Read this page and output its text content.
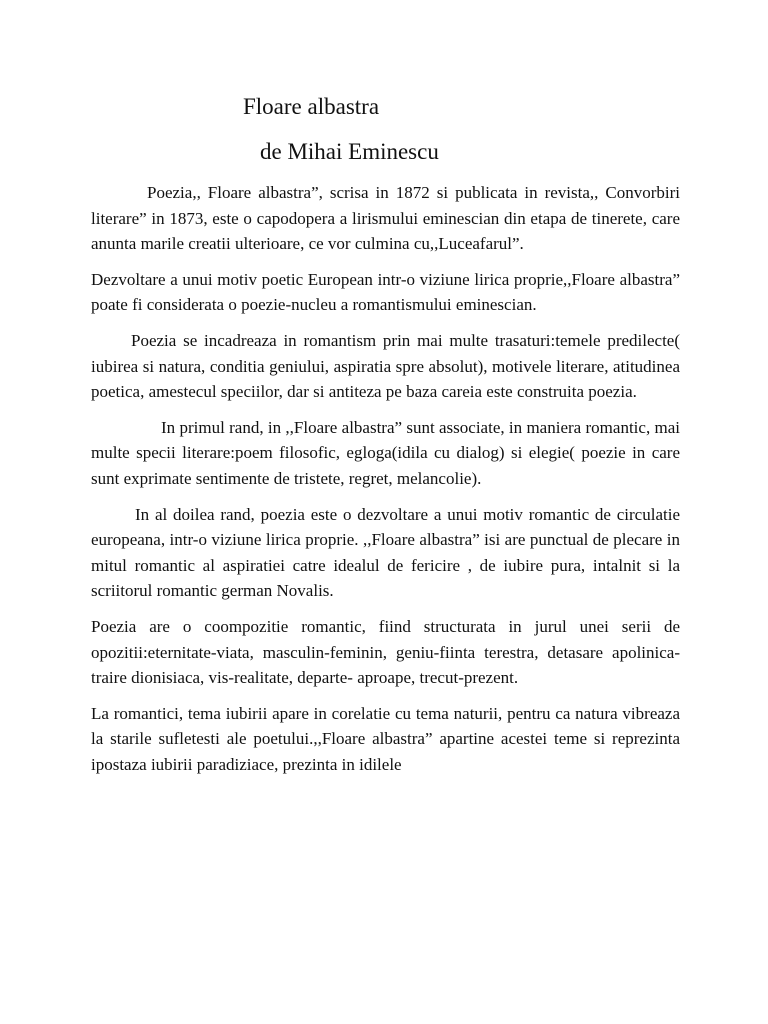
Floare albastra
de Mihai Eminescu

Poezia,, Floare albastra”, scrisa in 1872 si publicata in revista,, Convorbiri literare” in 1873, este o capodopera a lirismului eminescian din etapa de tinerete, care anunta marile creatii ulterioare, ce vor culmina cu,,Luceafarul”.

Dezvoltare a unui motiv poetic European intr-o viziune lirica proprie,,Floare albastra” poate fi considerata o poezie-nucleu a romantismului eminescian.

Poezia se incadreaza in romantism prin mai multe trasaturi:temele predilecte( iubirea si natura, conditia geniului, aspiratia spre absolut), motivele literare, atitudinea poetica, amestecul speciilor, dar si antiteza pe baza careia este construita poezia.

In primul rand, in ,,Floare albastra” sunt associate, in maniera romantic, mai multe specii literare:poem filosofic, egloga(idila cu dialog) si elegie( poezie in care sunt exprimate sentimente de tristete, regret, melancolie).

In al doilea rand, poezia este o dezvoltare a unui motiv romantic de circulatie europeana, intr-o viziune lirica proprie. ,,Floare albastra” isi are punctual de plecare in mitul romantic al aspiratiei catre idealul de fericire , de iubire pura, intalnit si la scriitorul romantic german Novalis.

Poezia are o coompozitie romantic, fiind structurata in jurul unei serii de opozitii:eternitate-viata, masculin-feminin, geniu-fiinta terestra, detasare apolinica- traire dionisiaca, vis-realitate, departe- aproape, trecut-prezent.

La romantici, tema iubirii apare in corelatie cu tema naturii, pentru ca natura vibreaza la starile sufletesti ale poetului.,,Floare albastra” apartine acestei teme si reprezinta ipostaza iubirii paradiziace, prezinta in idilele
